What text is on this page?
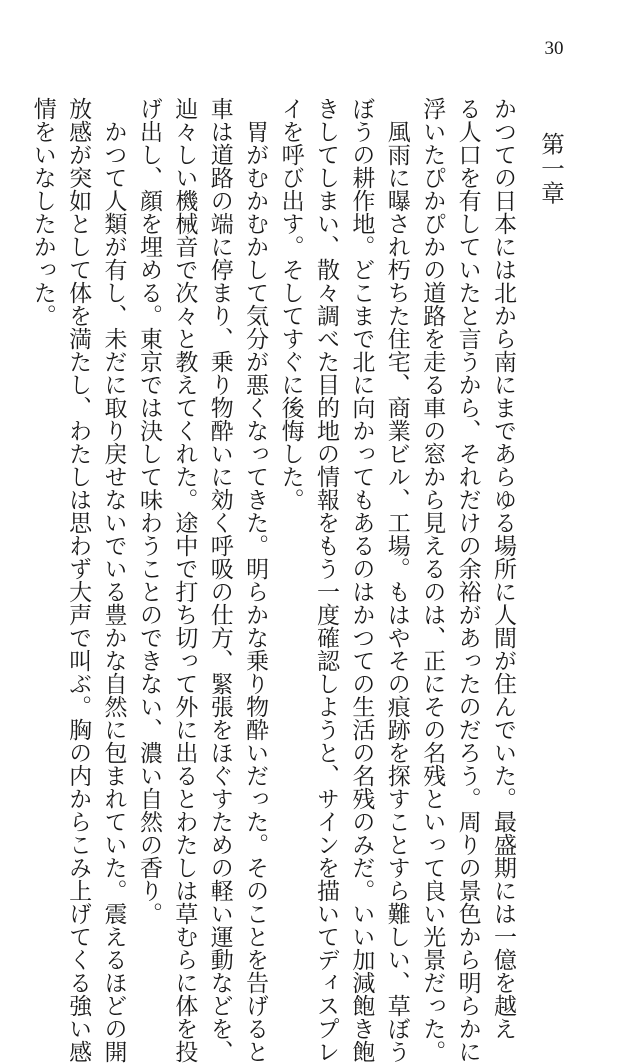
30
第一章

かつての日本には北から南にまであらゆる場所に人間が住んでいた。最盛期には一億を越え

る人口を有していたと言うから、それだけの余裕があったのだろう。周りの景色から明らかに

浮いたぴかぴかの道路を走る車の窓から見えるのは、正にその名残といって良い光景だった。

　風雨に曝され朽ちた住宅、商業ビル、工場。もはやその痕跡を探すことすら難しい、草ぼう

ぼうの耕作地。どこまで北に向かってもあるのはかつての生活の名残のみだ。いい加減飽き飽

きしてしまい、散々調べた目的地の情報をもう一度確認しようと、サインを描いてディスプレ

イを呼び出す。そしてすぐに後悔した。

　胃がむかむかして気分が悪くなってきた。明らかな乗り物酔いだった。そのことを告げると

車は道路の端に停まり、乗り物酔いに効く呼吸の仕方、緊張をほぐすための軽い運動などを、

辿々しい機械音で次々と教えてくれた。途中で打ち切って外に出るとわたしは草むらに体を投

げ出し、顔を埋める。東京では決して味わうことのできない、濃い自然の香り。

　かつて人類が有し、未だに取り戻せないでいる豊かな自然に包まれていた。震えるほどの開

放感が突如として体を満たし、わたしは思わず大声で叫ぶ。胸の内からこみ上げてくる強い感

情をいなしたかった。
